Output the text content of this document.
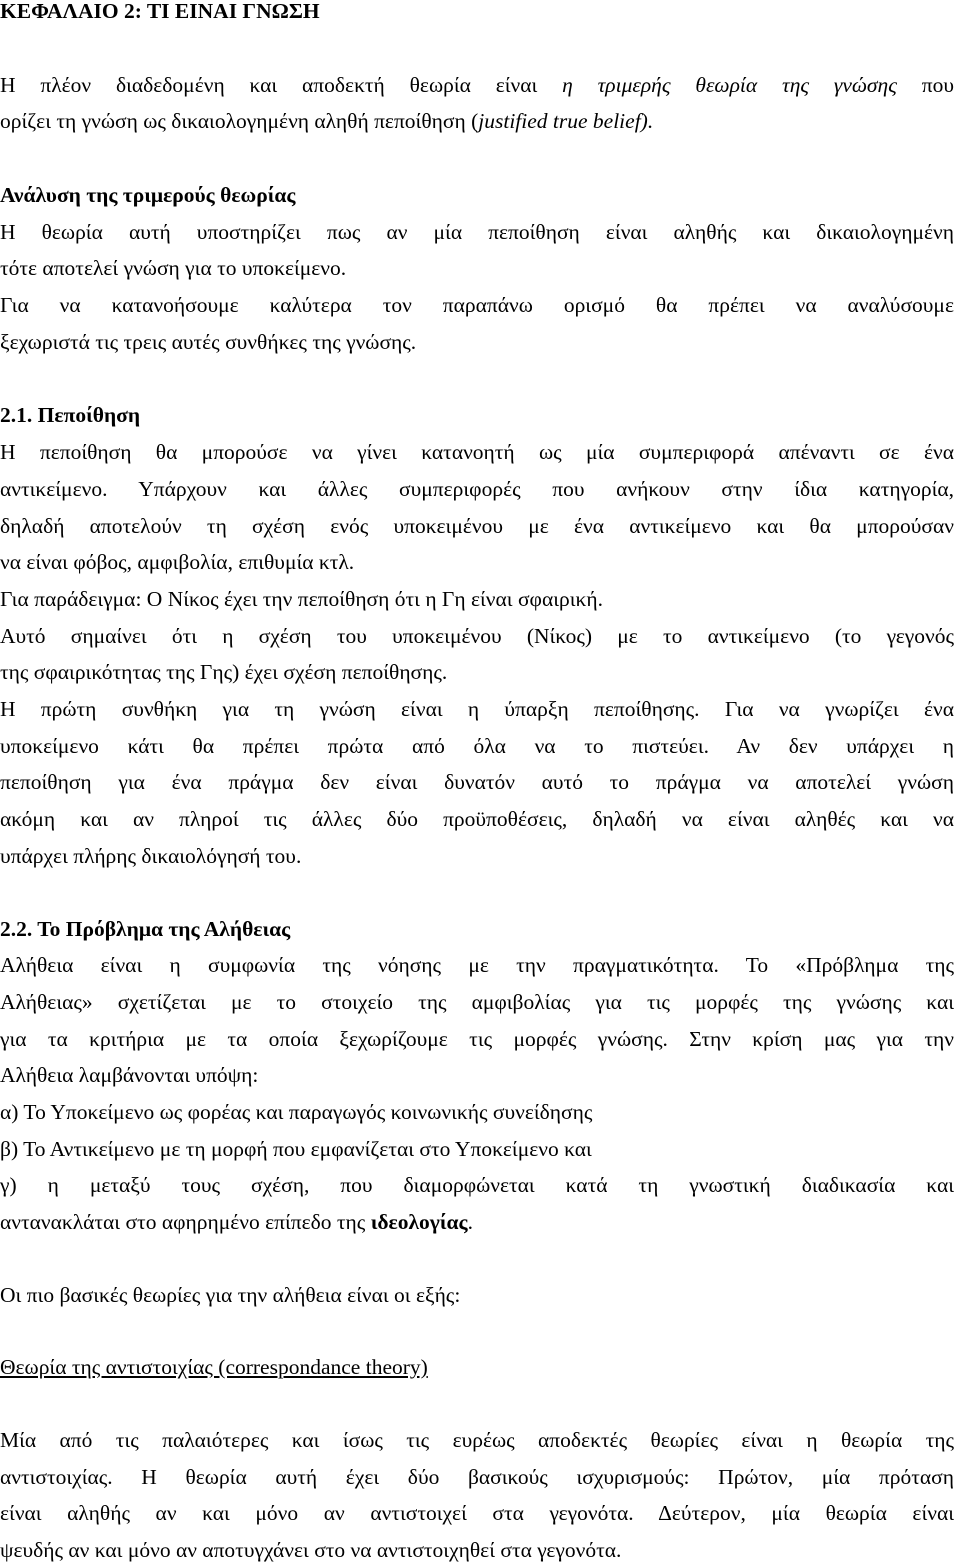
ΚΕΦΑΛΑΙΟ 2: ΤΙ ΕΙΝΑΙ ΓΝΩΣΗ
Η πλέον διαδεδομένη και αποδεκτή θεωρία είναι η τριμερής θεωρία της γνώσης που
ορίζει τη γνώση ως δικαιολογημένη αληθή πεποίθηση (justified true belief).
Ανάλυση της τριμερούς θεωρίας
Η θεωρία αυτή υποστηρίζει πως αν μία πεποίθηση είναι αληθής και δικαιολογημένη
τότε αποτελεί γνώση για το υποκείμενο.
Για να κατανοήσουμε καλύτερα τον παραπάνω ορισμό θα πρέπει να αναλύσουμε
ξεχωριστά τις τρεις αυτές συνθήκες της γνώσης.
2.1. Πεποίθηση
Η πεποίθηση θα μπορούσε να γίνει κατανοητή ως μία συμπεριφορά απέναντι σε ένα
αντικείμενο. Υπάρχουν και άλλες συμπεριφορές που ανήκουν στην ίδια κατηγορία,
δηλαδή αποτελούν τη σχέση ενός υποκειμένου με ένα αντικείμενο και θα μπορούσαν
να είναι φόβος, αμφιβολία, επιθυμία κτλ.
Για παράδειγμα: Ο Νίκος έχει την πεποίθηση ότι η Γη είναι σφαιρική.
Αυτό σημαίνει ότι η σχέση του υποκειμένου (Νίκος) με το αντικείμενο (το γεγονός
της σφαιρικότητας της Γης) έχει σχέση πεποίθησης.
Η πρώτη συνθήκη για τη γνώση είναι η ύπαρξη πεποίθησης. Για να γνωρίζει ένα
υποκείμενο κάτι θα πρέπει πρώτα από όλα να το πιστεύει. Αν δεν υπάρχει η
πεποίθηση για ένα πράγμα δεν είναι δυνατόν αυτό το πράγμα να αποτελεί γνώση
ακόμη και αν πληροί τις άλλες δύο προϋποθέσεις, δηλαδή να είναι αληθές και να
υπάρχει πλήρης δικαιολόγησή του.
2.2. Το Πρόβλημα της Αλήθειας
Αλήθεια είναι η συμφωνία της νόησης με την πραγματικότητα. Το «Πρόβλημα της
Αλήθειας» σχετίζεται με το στοιχείο της αμφιβολίας για τις μορφές της γνώσης και
για τα κριτήρια με τα οποία ξεχωρίζουμε τις μορφές γνώσης. Στην κρίση μας για την
Αλήθεια λαμβάνονται υπόψη:
α) Το Υποκείμενο ως φορέας και παραγωγός κοινωνικής συνείδησης
β) Το Αντικείμενο με τη μορφή που εμφανίζεται στο Υποκείμενο και
γ) η μεταξύ τους σχέση, που διαμορφώνεται κατά τη γνωστική διαδικασία και
αντανακλάται στο αφηρημένο επίπεδο της ιδεολογίας.
Οι πιο βασικές θεωρίες για την αλήθεια είναι οι εξής:
Θεωρία της αντιστοιχίας (correspondance theory)
Μία από τις παλαιότερες και ίσως τις ευρέως αποδεκτές θεωρίες είναι η θεωρία της
αντιστοιχίας. Η θεωρία αυτή έχει δύο βασικούς ισχυρισμούς: Πρώτον, μία πρόταση
είναι αληθής αν και μόνο αν αντιστοιχεί στα γεγονότα. Δεύτερον, μία θεωρία είναι
ψευδής αν και μόνο αν αποτυγχάνει στο να αντιστοιχηθεί στα γεγονότα.
